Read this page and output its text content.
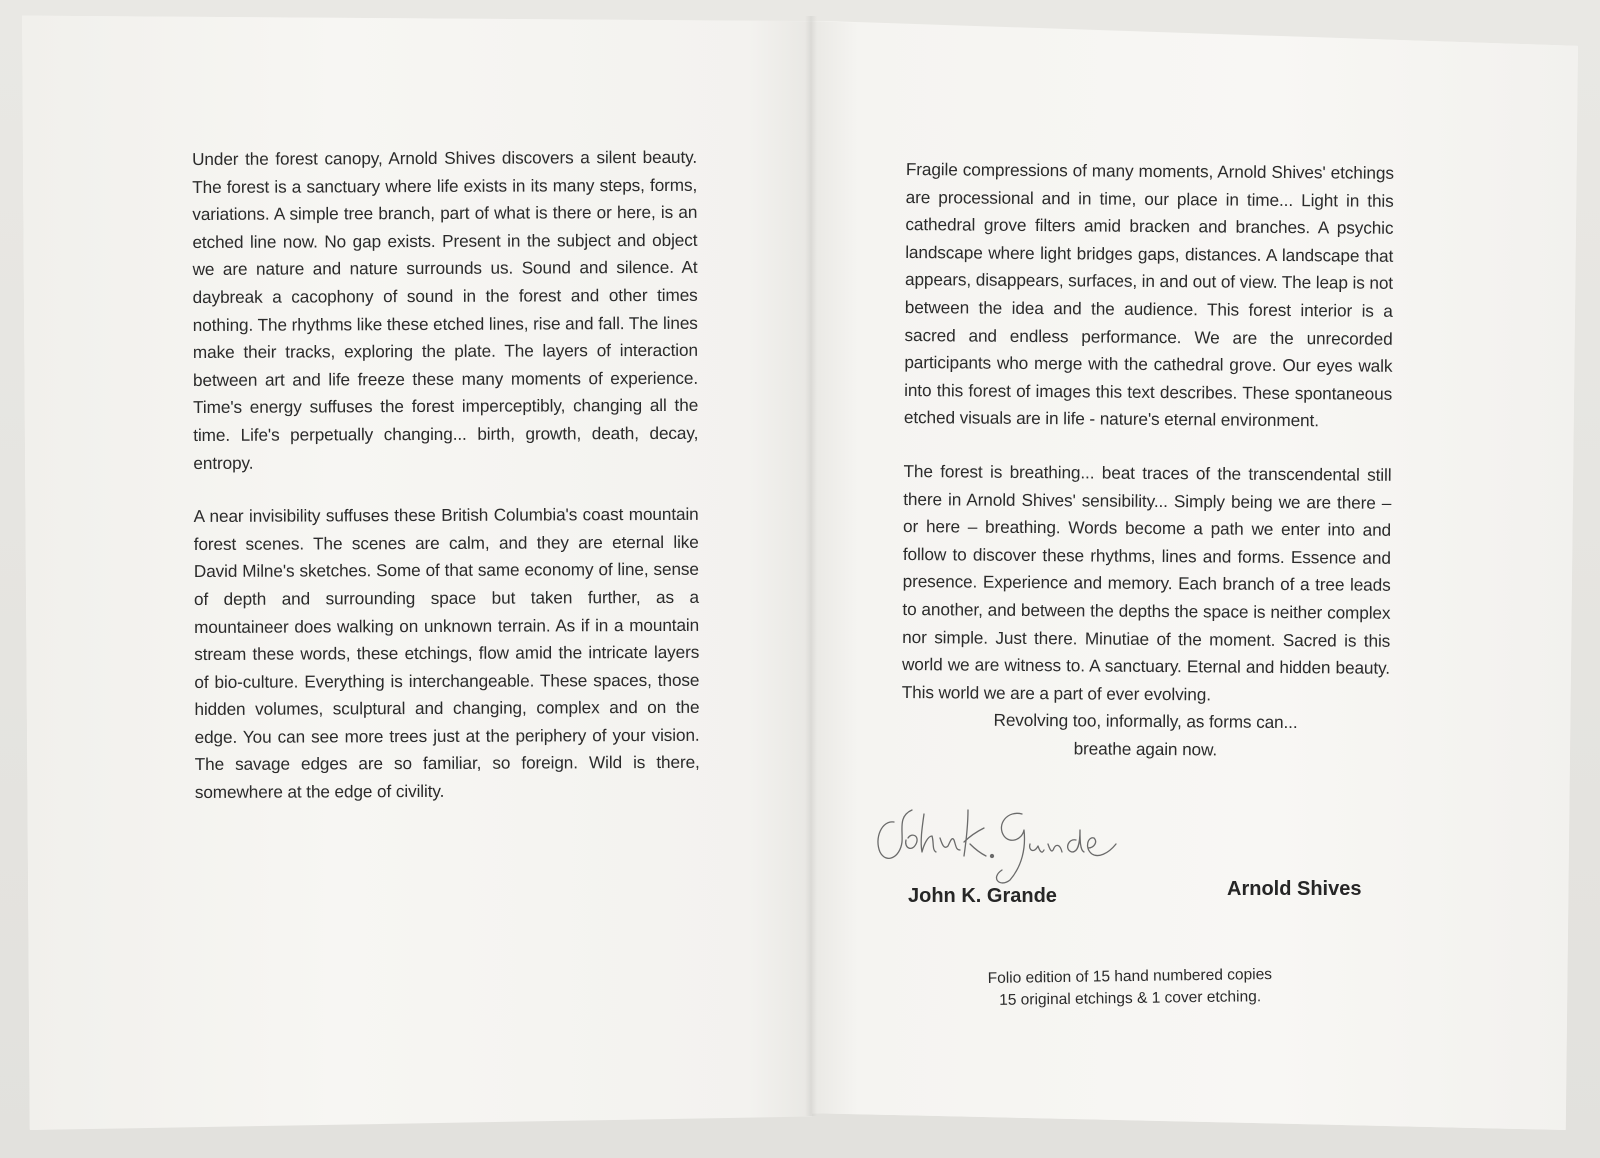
Under the forest canopy, Arnold Shives discovers a silent beauty. The forest is a sanctuary where life exists in its many steps, forms, variations. A simple tree branch, part of what is there or here, is an etched line now. No gap exists. Present in the subject and object we are nature and nature surrounds us. Sound and silence. At daybreak a cacophony of sound in the forest and other times nothing. The rhythms like these etched lines, rise and fall. The lines make their tracks, exploring the plate. The layers of interaction between art and life freeze these many moments of experience. Time's energy suffuses the forest imperceptibly, changing all the time. Life's perpetually changing... birth, growth, death, decay, entropy.

A near invisibility suffuses these British Columbia's coast mountain forest scenes. The scenes are calm, and they are eternal like David Milne's sketches. Some of that same economy of line, sense of depth and surrounding space but taken further, as a mountaineer does walking on unknown terrain. As if in a mountain stream these words, these etchings, flow amid the intricate layers of bio-culture. Everything is interchangeable. These spaces, those hidden volumes, sculptural and changing, complex and on the edge. You can see more trees just at the periphery of your vision. The savage edges are so familiar, so foreign. Wild is there, somewhere at the edge of civility.

Fragile compressions of many moments, Arnold Shives' etchings are processional and in time, our place in time... Light in this cathedral grove filters amid bracken and branches. A psychic landscape where light bridges gaps, distances. A landscape that appears, disappears, surfaces, in and out of view. The leap is not between the idea and the audience. This forest interior is a sacred and endless performance. We are the unrecorded participants who merge with the cathedral grove. Our eyes walk into this forest of images this text describes. These spontaneous etched visuals are in life - nature's eternal environment.

The forest is breathing... beat traces of the transcendental still there in Arnold Shives' sensibility... Simply being we are there – or here – breathing. Words become a path we enter into and follow to discover these rhythms, lines and forms. Essence and presence. Experience and memory. Each branch of a tree leads to another, and between the depths the space is neither complex nor simple. Just there. Minutiae of the moment. Sacred is this world we are witness to. A sanctuary. Eternal and hidden beauty. This world we are a part of ever evolving.

Revolving too, informally, as forms can...

breathe again now.

John K. Grande
John K. Grande	Arnold Shives
Folio edition of 15 hand numbered copies
15 original etchings & 1 cover etching.
